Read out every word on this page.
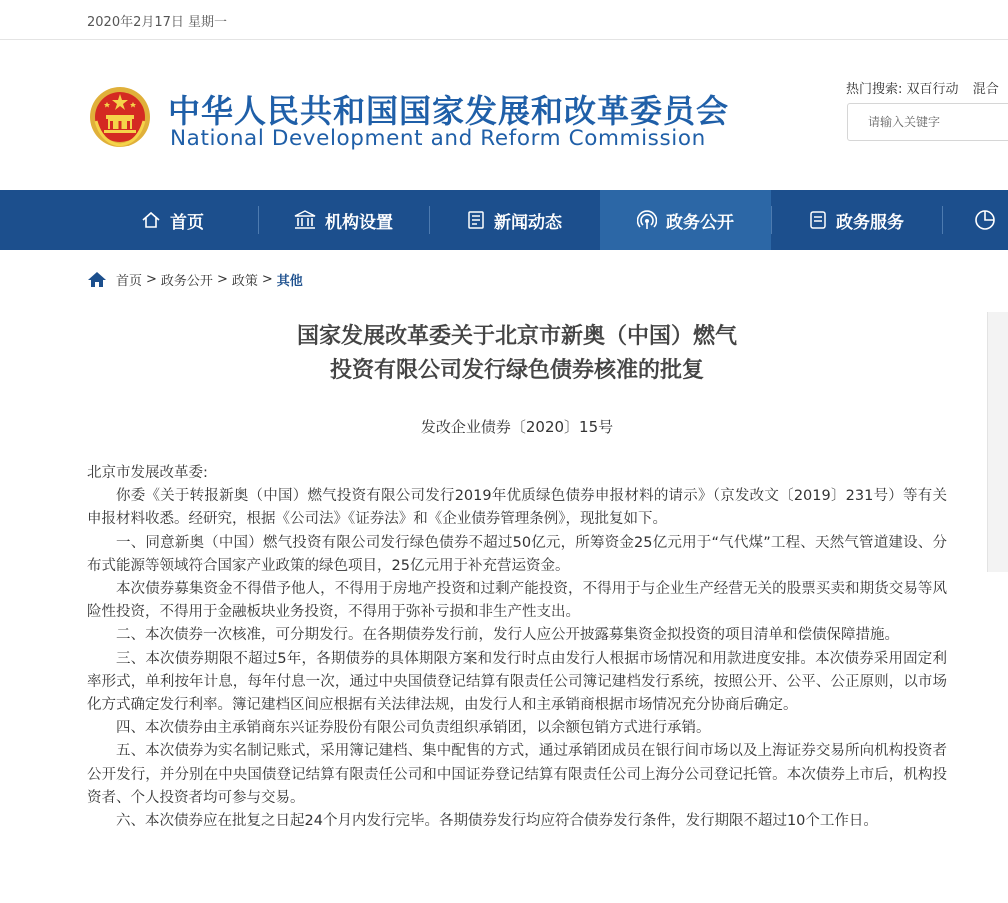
2020年2月17日 星期一
中华人民共和国国家发展和改革委员会
National Development and Reform Commission
热门搜索: 双百行动 混合
请输入关键字
首页	机构设置	新闻动态	政务公开	政务服务
首页 > 政务公开 > 政策 > 其他
国家发展改革委关于北京市新奥（中国）燃气
投资有限公司发行绿色债券核准的批复
发改企业债券〔2020〕15号

北京市发展改革委:

你委《关于转报新奥（中国）燃气投资有限公司发行2019年优质绿色债券申报材料的请示》（京发改文〔2019〕231号）等有关申报材料收悉。经研究，根据《公司法》《证券法》和《企业债券管理条例》，现批复如下。

一、同意新奥（中国）燃气投资有限公司发行绿色债券不超过50亿元，所筹资金25亿元用于“气代煤”工程、天然气管道建设、分布式能源等领域符合国家产业政策的绿色项目，25亿元用于补充营运资金。

本次债券募集资金不得借予他人，不得用于房地产投资和过剩产能投资，不得用于与企业生产经营无关的股票买卖和期货交易等风险性投资，不得用于金融板块业务投资，不得用于弥补亏损和非生产性支出。

二、本次债券一次核准，可分期发行。在各期债券发行前，发行人应公开披露募集资金拟投资的项目清单和偿债保障措施。

三、本次债券期限不超过5年，各期债券的具体期限方案和发行时点由发行人根据市场情况和用款进度安排。本次债券采用固定利率形式，单利按年计息，每年付息一次，通过中央国债登记结算有限责任公司簿记建档发行系统，按照公开、公平、公正原则，以市场化方式确定发行利率。簿记建档区间应根据有关法律法规，由发行人和主承销商根据市场情况充分协商后确定。

四、本次债券由主承销商东兴证券股份有限公司负责组织承销团，以余额包销方式进行承销。

五、本次债券为实名制记账式，采用簿记建档、集中配售的方式，通过承销团成员在银行间市场以及上海证券交易所向机构投资者公开发行，并分别在中央国债登记结算有限责任公司和中国证券登记结算有限责任公司上海分公司登记托管。本次债券上市后，机构投资者、个人投资者均可参与交易。

六、本次债券应在批复之日起24个月内发行完毕。各期债券发行均应符合债券发行条件，发行期限不超过10个工作日。
